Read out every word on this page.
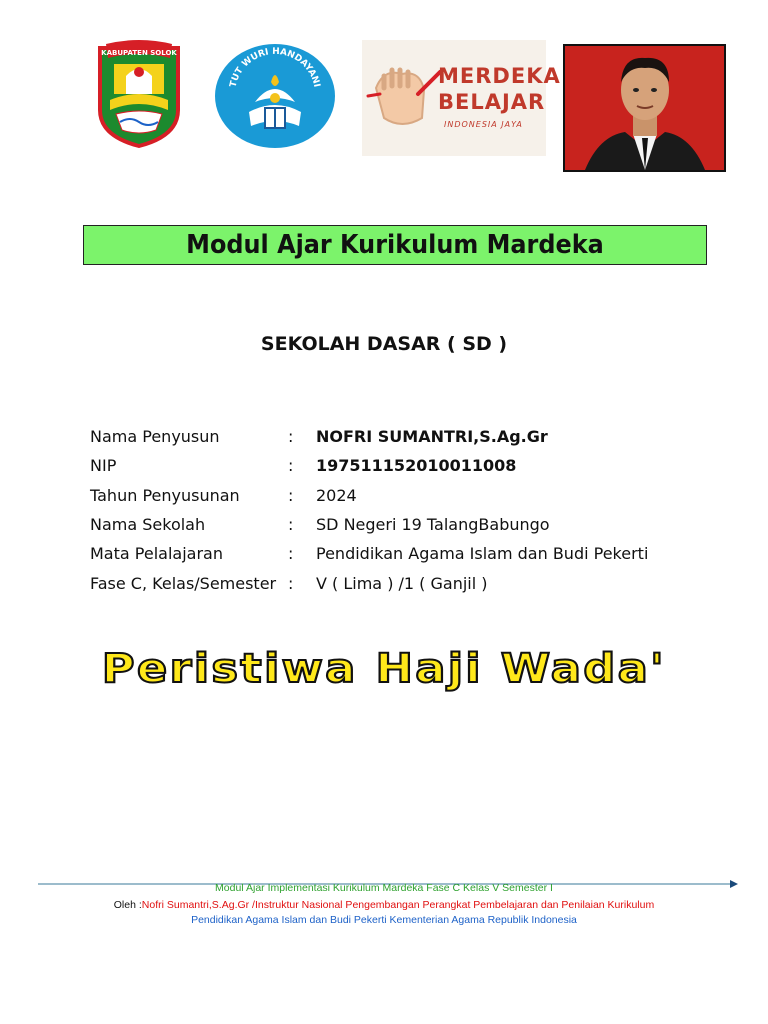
KABUPATEN SOLOK
TUT WURI HANDAYANI	MERDEKA
BELAJAR
INDONESIA JAYA
Modul Ajar Kurikulum Mardeka
SEKOLAH DASAR ( SD )
Nama Penyusun	:	NOFRI SUMANTRI,S.Ag.Gr
NIP	:	197511152010011008
Tahun Penyusunan	:	2024
Nama Sekolah	:	SD Negeri 19 TalangBabungo
Mata Pelalajaran	:	Pendidikan Agama Islam dan Budi Pekerti
Fase C, Kelas/Semester :	V ( Lima ) /1 ( Ganjil )
Peristiwa Haji Wada'
Modul Ajar Implementasi Kurikulum Mardeka Fase C Kelas V Semester I
Oleh :Nofri Sumantri,S.Ag.Gr /Instruktur Nasional Pengembangan Perangkat Pembelajaran dan Penilaian Kurikulum
Pendidikan Agama Islam dan Budi Pekerti Kementerian Agama Republik Indonesia
